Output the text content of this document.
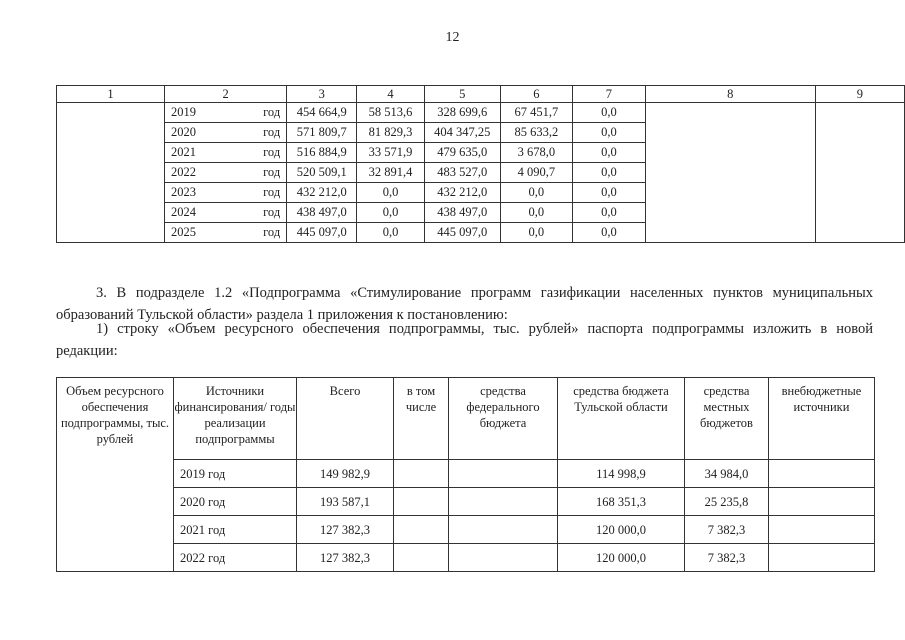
12
1	2	3	4	5	6	7	8	9
	2019 год	454 664,9	58 513,6	328 699,6	67 451,7	0,0		
	2020 год	571 809,7	81 829,3	404 347,25	85 633,2	0,0		
	2021 год	516 884,9	33 571,9	479 635,0	3 678,0	0,0		
	2022 год	520 509,1	32 891,4	483 527,0	4 090,7	0,0		
	2023 год	432 212,0	0,0	432 212,0	0,0	0,0		
	2024 год	438 497,0	0,0	438 497,0	0,0	0,0		
	2025 год	445 097,0	0,0	445 097,0	0,0	0,0		
3. В подразделе 1.2 «Подпрограмма «Стимулирование программ газификации населенных пунктов муниципальных образований Тульской области» раздела 1 приложения к постановлению:
1) строку «Объем ресурсного обеспечения подпрограммы, тыс. рублей» паспорта подпрограммы изложить в новой редакции:
Объем ресурсного обеспечения подпрограммы, тыс. рублей	Источники финансирования/ годы реализации подпрограммы	Всего	в том числе	средства федерального бюджета	средства бюджета Тульской области	средства местных бюджетов	внебюджетные источники
	2019 год	149 982,9			114 998,9	34 984,0	
	2020 год	193 587,1			168 351,3	25 235,8	
	2021 год	127 382,3			120 000,0	7 382,3	
	2022 год	127 382,3			120 000,0	7 382,3	
